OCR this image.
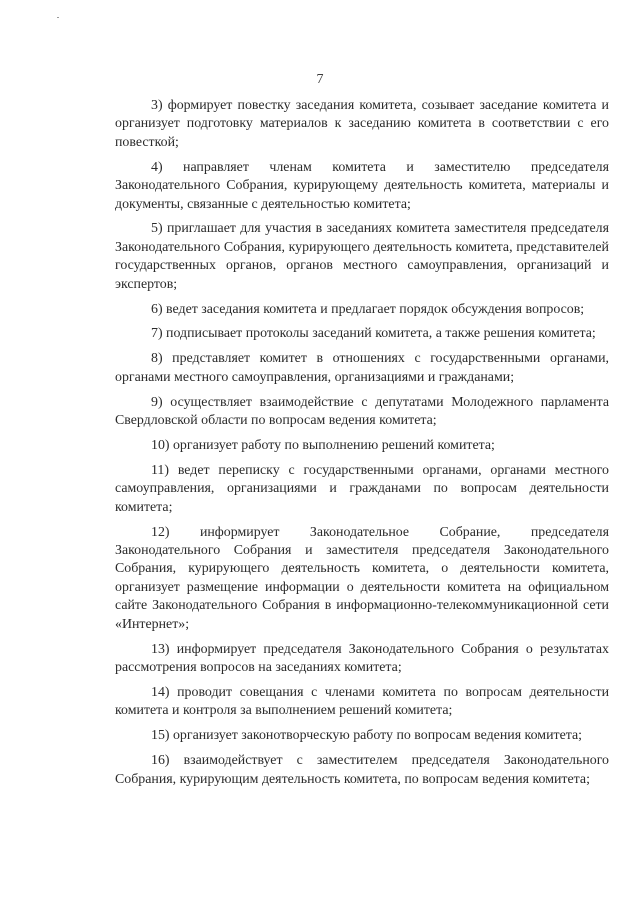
7

3) формирует повестку заседания комитета, созывает заседание комитета и организует подготовку материалов к заседанию комитета в соответствии с его повесткой;

4) направляет членам комитета и заместителю председателя Законодательного Собрания, курирующему деятельность комитета, материалы и документы, связанные с деятельностью комитета;

5) приглашает для участия в заседаниях комитета заместителя председателя Законодательного Собрания, курирующего деятельность комитета, представителей государственных органов, органов местного самоуправления, организаций и экспертов;

6) ведет заседания комитета и предлагает порядок обсуждения вопросов;

7) подписывает протоколы заседаний комитета, а также решения комитета;

8) представляет комитет в отношениях с государственными органами, органами местного самоуправления, организациями и гражданами;

9) осуществляет взаимодействие с депутатами Молодежного парламента Свердловской области по вопросам ведения комитета;

10) организует работу по выполнению решений комитета;

11) ведет переписку с государственными органами, органами местного самоуправления, организациями и гражданами по вопросам деятельности комитета;

12) информирует Законодательное Собрание, председателя Законодательного Собрания и заместителя председателя Законодательного Собрания, курирующего деятельность комитета, о деятельности комитета, организует размещение информации о деятельности комитета на официальном сайте Законодательного Собрания в информационно-телекоммуникационной сети «Интернет»;

13) информирует председателя Законодательного Собрания о результатах рассмотрения вопросов на заседаниях комитета;

14) проводит совещания с членами комитета по вопросам деятельности комитета и контроля за выполнением решений комитета;

15) организует законотворческую работу по вопросам ведения комитета;

16) взаимодействует с заместителем председателя Законодательного Собрания, курирующим деятельность комитета, по вопросам ведения комитета;
